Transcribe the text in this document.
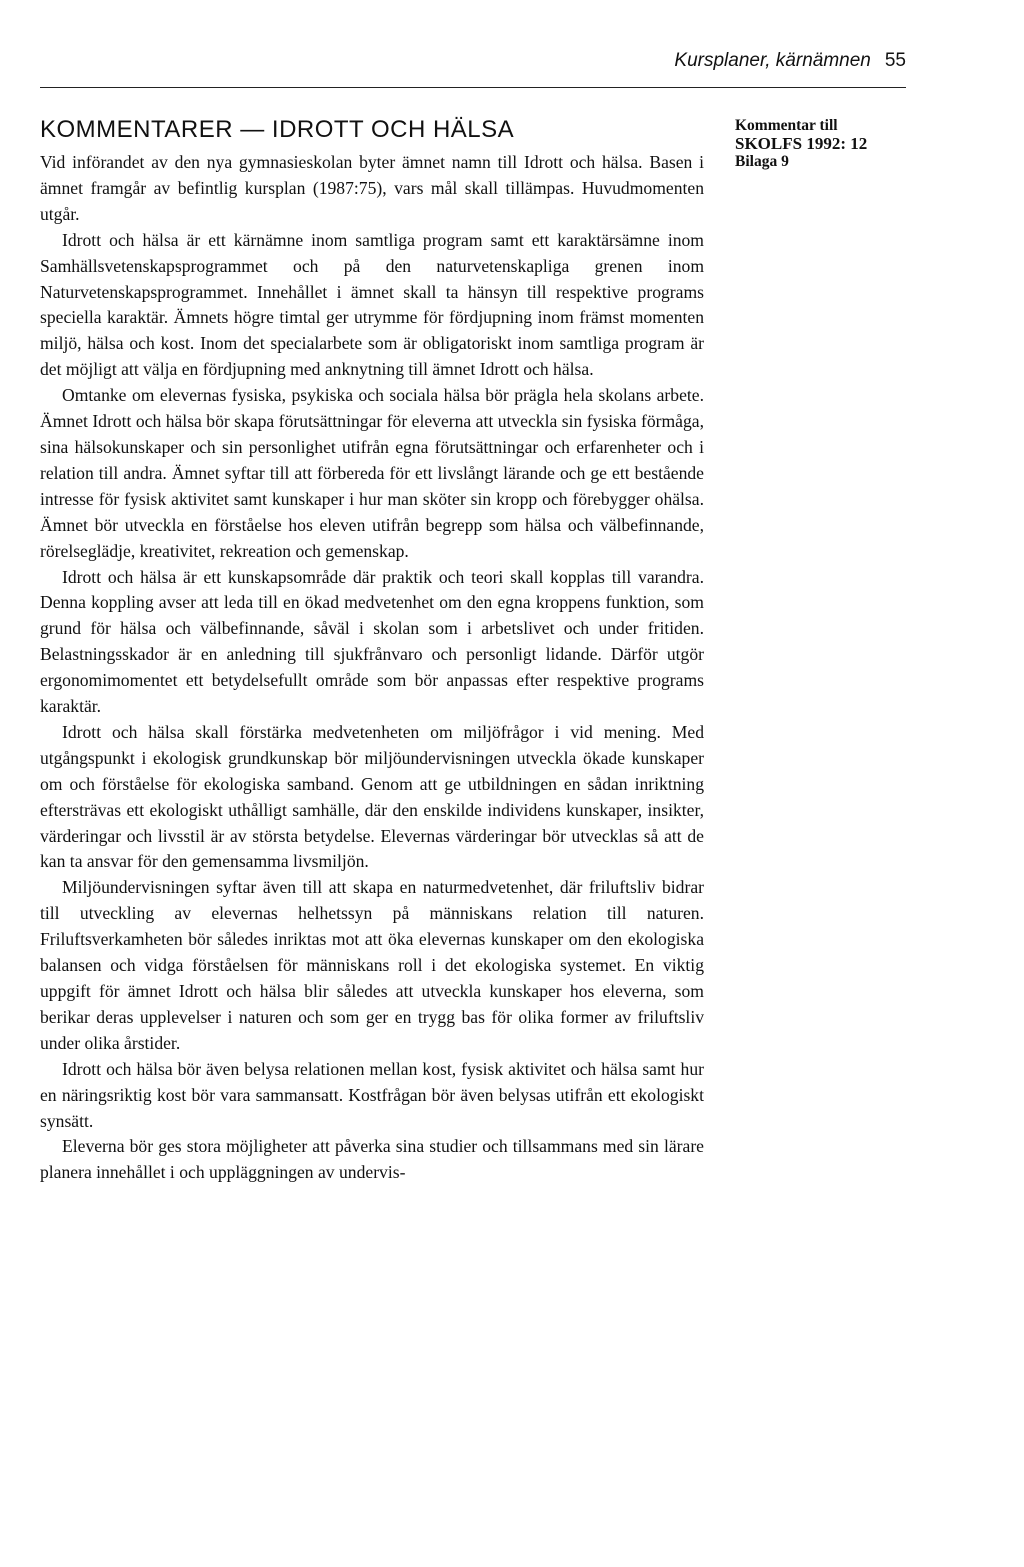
Kursplaner, kärnämnen 55
KOMMENTARER — IDROTT OCH HÄLSA	Kommentar till
SKOLFS 1992: 12
Bilaga 9

Vid införandet av den nya gymnasieskolan byter ämnet namn till Idrott och hälsa. Basen i ämnet framgår av befintlig kursplan (1987:75), vars mål skall tillämpas. Huvudmomenten utgår.

Idrott och hälsa är ett kärnämne inom samtliga program samt ett karaktärsämne inom Samhällsvetenskapsprogrammet och på den naturvetenskapliga grenen inom Naturvetenskapsprogrammet. Innehållet i ämnet skall ta hänsyn till respektive programs speciella karaktär. Ämnets högre timtal ger utrymme för fördjupning inom främst momenten miljö, hälsa och kost. Inom det specialarbete som är obligatoriskt inom samtliga program är det möjligt att välja en fördjupning med anknytning till ämnet Idrott och hälsa.

Omtanke om elevernas fysiska, psykiska och sociala hälsa bör prägla hela skolans arbete. Ämnet Idrott och hälsa bör skapa förutsättningar för eleverna att utveckla sin fysiska förmåga, sina hälsokunskaper och sin personlighet utifrån egna förutsättningar och erfarenheter och i relation till andra. Ämnet syftar till att förbereda för ett livslångt lärande och ge ett bestående intresse för fysisk aktivitet samt kunskaper i hur man sköter sin kropp och förebygger ohälsa. Ämnet bör utveckla en förståelse hos eleven utifrån begrepp som hälsa och välbefinnande, rörelseglädje, kreativitet, rekreation och gemenskap.

Idrott och hälsa är ett kunskapsområde där praktik och teori skall kopplas till varandra. Denna koppling avser att leda till en ökad medvetenhet om den egna kroppens funktion, som grund för hälsa och välbefinnande, såväl i skolan som i arbetslivet och under fritiden. Belastningsskador är en anledning till sjukfrånvaro och personligt lidande. Därför utgör ergonomimomentet ett betydelsefullt område som bör anpassas efter respektive programs karaktär.

Idrott och hälsa skall förstärka medvetenheten om miljöfrågor i vid mening. Med utgångspunkt i ekologisk grundkunskap bör miljöundervisningen utveckla ökade kunskaper om och förståelse för ekologiska samband. Genom att ge utbildningen en sådan inriktning eftersträvas ett ekologiskt uthålligt samhälle, där den enskilde individens kunskaper, insikter, värderingar och livsstil är av största betydelse. Elevernas värderingar bör utvecklas så att de kan ta ansvar för den gemensamma livsmiljön.

Miljöundervisningen syftar även till att skapa en naturmedvetenhet, där friluftsliv bidrar till utveckling av elevernas helhetssyn på människans relation till naturen. Friluftsverkamheten bör således inriktas mot att öka elevernas kunskaper om den ekologiska balansen och vidga förståelsen för människans roll i det ekologiska systemet. En viktig uppgift för ämnet Idrott och hälsa blir således att utveckla kunskaper hos eleverna, som berikar deras upplevelser i naturen och som ger en trygg bas för olika former av friluftsliv under olika årstider.

Idrott och hälsa bör även belysa relationen mellan kost, fysisk aktivitet och hälsa samt hur en näringsriktig kost bör vara sammansatt. Kostfrågan bör även belysas utifrån ett ekologiskt synsätt.

Eleverna bör ges stora möjligheter att påverka sina studier och tillsammans med sin lärare planera innehållet i och uppläggningen av undervis-
